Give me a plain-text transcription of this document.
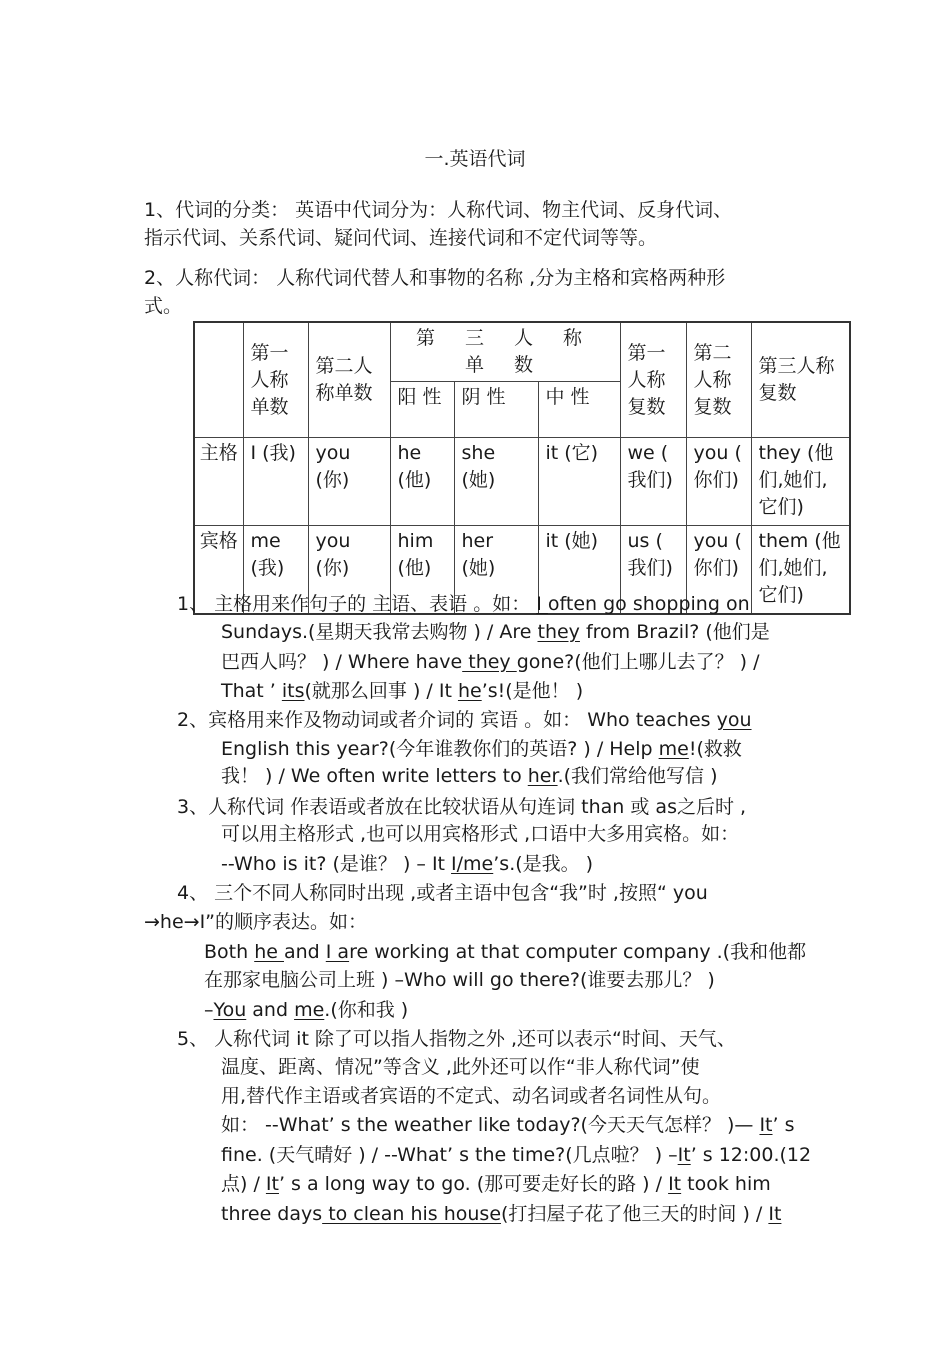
一.英语代词
1、代词的分类： 英语中代词分为：人称代词、物主代词、反身代词、
指示代词、关系代词、疑问代词、连接代词和不定代词等等。
2、人称代词： 人称代词代替人和事物的名称 ,分为主格和宾格两种形
式。
	第一人称单数	第二人称单数	第 三 人 称 单 数			第一人称复数	第二人称复数	第三人称复数
			阳 性	阴 性	中 性			
主格	I (我)	you (你)	he (他)	she (她)	it (它)	we ( 我们)	you ( 你们)	they (他们,她们,它们)
宾格	me (我)	you (你)	him (他)	her (她)	it (她)	us ( 我们)	you ( 你们)	them (他们,她们,它们)
1、 主格用来作句子的 主语、表语 。如： I often go shopping on
Sundays.(星期天我常去购物 ) / Are they from Brazil? (他们是
巴西人吗？ ) / Where have they gone?(他们上哪儿去了？ ) /
That ’ its(就那么回事 ) / It he’s!(是他！ )
2、宾格用来作及物动词或者介词的 宾语 。如： Who teaches you
English this year?(今年谁教你们的英语? ) / Help me!(救救
我！ ) / We often write letters to her.(我们常给他写信 )
3、人称代词 作表语或者放在比较状语从句连词 than 或 as之后时 ,
可以用主格形式 ,也可以用宾格形式 ,口语中大多用宾格。如：
--Who is it? (是谁？ ) – It I/me’s.(是我。 )
4、 三个不同人称同时出现 ,或者主语中包含“我”时 ,按照“ you
→he→I”的顺序表达。如：
Both he and I are working at that computer company .(我和他都
在那家电脑公司上班 ) –Who will go there?(谁要去那儿？ )
–You and me.(你和我 )
5、 人称代词 it 除了可以指人指物之外 ,还可以表示“时间、天气、
温度、距离、情况”等含义 ,此外还可以作“非人称代词”使
用,替代作主语或者宾语的不定式、动名词或者名词性从句。
如： --What’ s the weather like today?(今天天气怎样？ )— It’ s
fine. (天气晴好 ) / --What’ s the time?(几点啦？ ) –It’ s 12:00.(12
点) / It’ s a long way to go. (那可要走好长的路 ) / It took him
three days to clean his house(打扫屋子花了他三天的时间 ) / It
